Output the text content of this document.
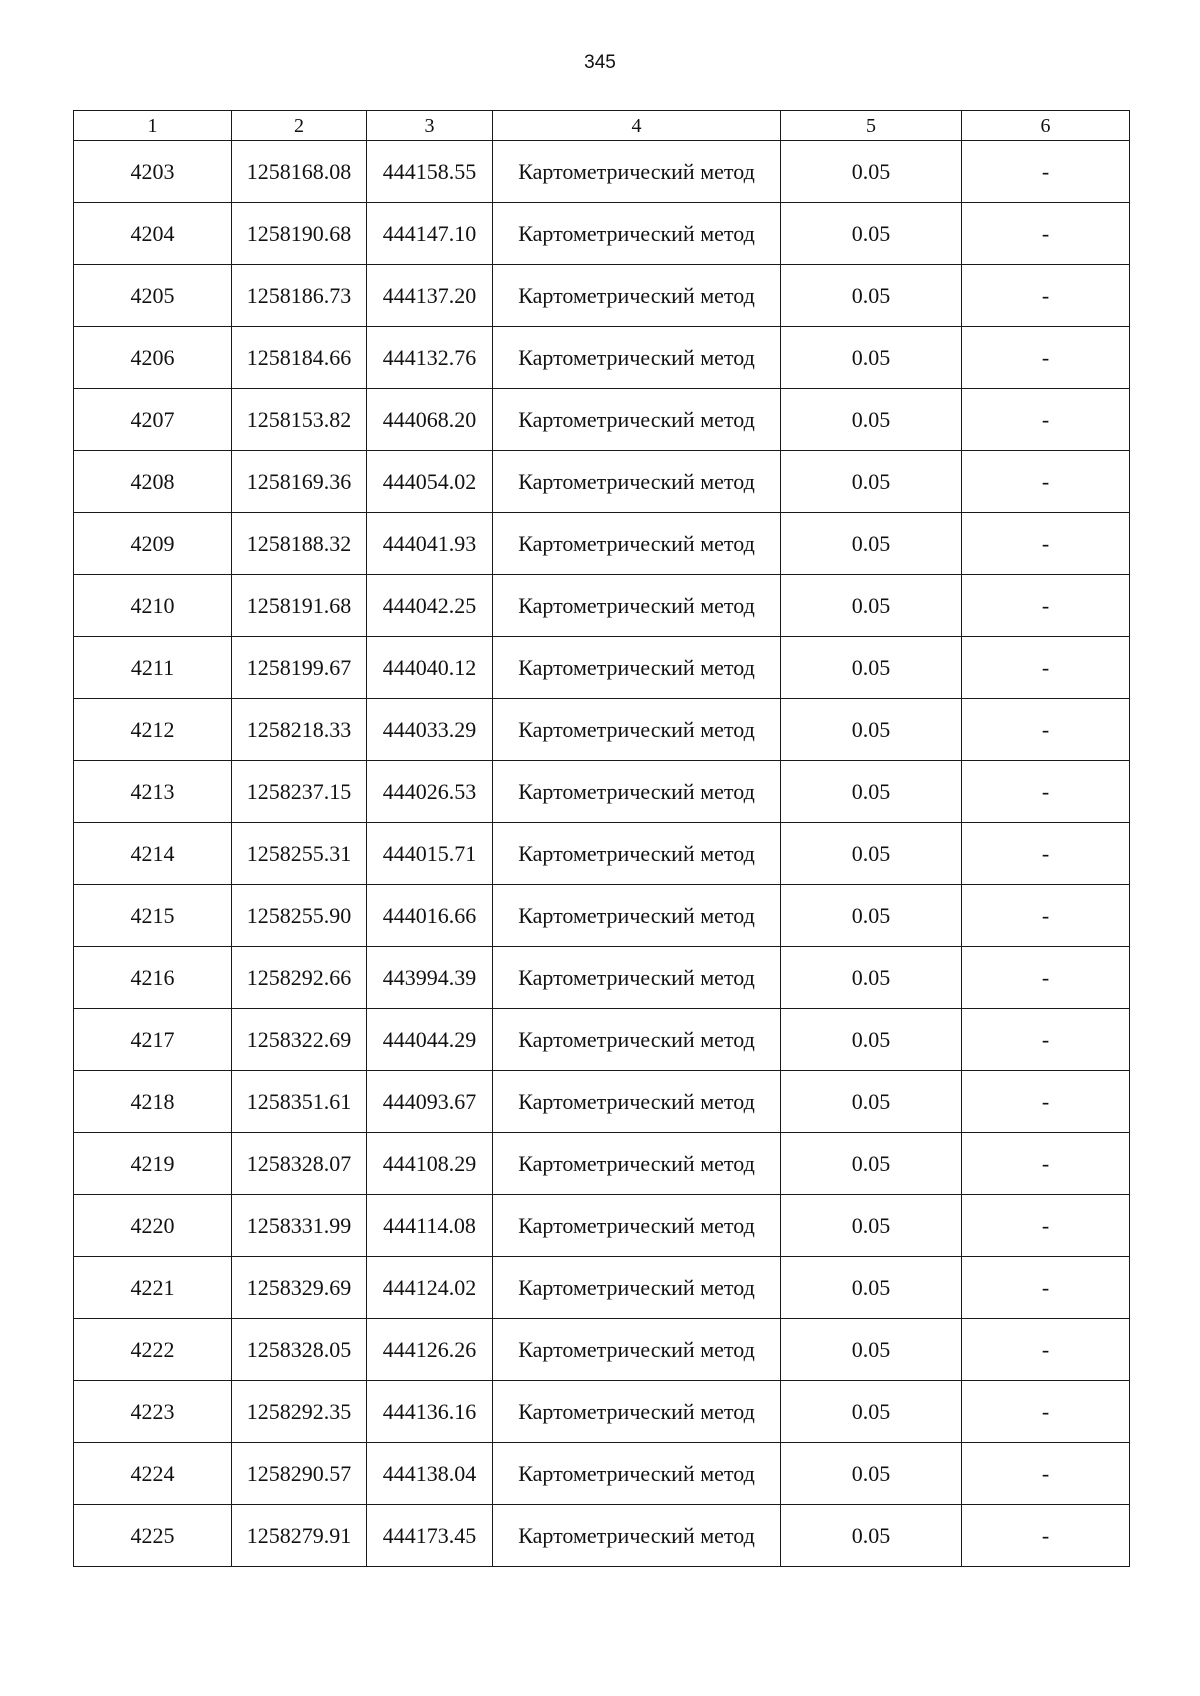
345
1	2	3	4	5	6
4203	1258168.08	444158.55	Картометрический метод	0.05	-
4204	1258190.68	444147.10	Картометрический метод	0.05	-
4205	1258186.73	444137.20	Картометрический метод	0.05	-
4206	1258184.66	444132.76	Картометрический метод	0.05	-
4207	1258153.82	444068.20	Картометрический метод	0.05	-
4208	1258169.36	444054.02	Картометрический метод	0.05	-
4209	1258188.32	444041.93	Картометрический метод	0.05	-
4210	1258191.68	444042.25	Картометрический метод	0.05	-
4211	1258199.67	444040.12	Картометрический метод	0.05	-
4212	1258218.33	444033.29	Картометрический метод	0.05	-
4213	1258237.15	444026.53	Картометрический метод	0.05	-
4214	1258255.31	444015.71	Картометрический метод	0.05	-
4215	1258255.90	444016.66	Картометрический метод	0.05	-
4216	1258292.66	443994.39	Картометрический метод	0.05	-
4217	1258322.69	444044.29	Картометрический метод	0.05	-
4218	1258351.61	444093.67	Картометрический метод	0.05	-
4219	1258328.07	444108.29	Картометрический метод	0.05	-
4220	1258331.99	444114.08	Картометрический метод	0.05	-
4221	1258329.69	444124.02	Картометрический метод	0.05	-
4222	1258328.05	444126.26	Картометрический метод	0.05	-
4223	1258292.35	444136.16	Картометрический метод	0.05	-
4224	1258290.57	444138.04	Картометрический метод	0.05	-
4225	1258279.91	444173.45	Картометрический метод	0.05	-
